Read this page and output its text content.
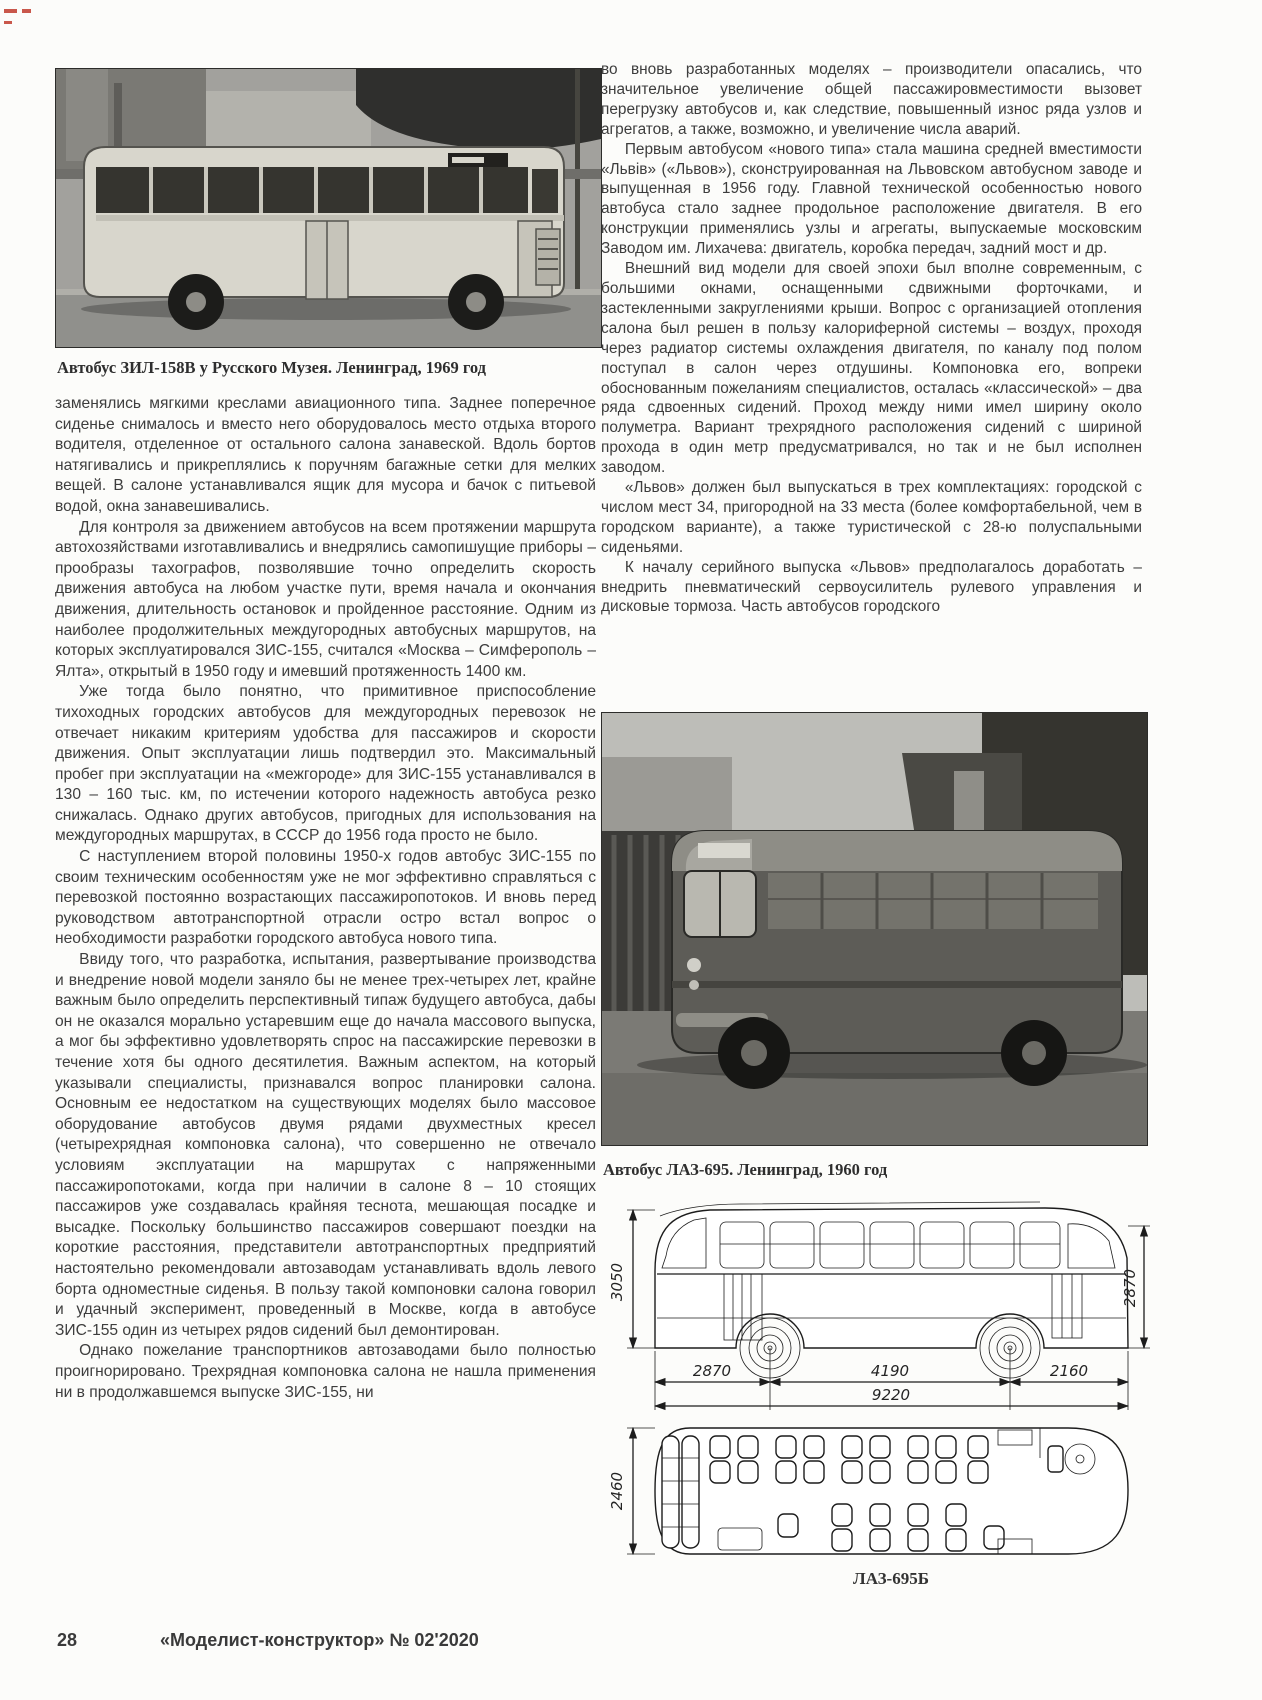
Автобус ЗИЛ-158В у Русского Музея. Ленинград, 1969 год

заменялись мягкими креслами авиационного типа. Заднее поперечное сиденье снималось и вместо него оборудовалось место отдыха второго водителя, отделенное от остального салона занавеской. Вдоль бортов натягивались и прикреплялись к поручням багажные сетки для мелких вещей. В салоне устанавливался ящик для мусора и бачок с питьевой водой, окна занавешивались.

Для контроля за движением автобусов на всем протяжении маршрута автохозяйствами изготавливались и внедрялись самопишущие приборы – прообразы тахографов, позволявшие точно определить скорость движения автобуса на любом участке пути, время начала и окончания движения, длительность остановок и пройденное расстояние. Одним из наиболее продолжительных междугородных автобусных маршрутов, на которых эксплуатировался ЗИС-155, считался «Москва – Симферополь – Ялта», открытый в 1950 году и имевший протяженность 1400 км.

Уже тогда было понятно, что примитивное приспособление тихоходных городских автобусов для междугородных перевозок не отвечает никаким критериям удобства для пассажиров и скорости движения. Опыт эксплуатации лишь подтвердил это. Максимальный пробег при эксплуатации на «межгороде» для ЗИС-155 устанавливался в 130 – 160 тыс. км, по истечении которого надежность автобуса резко снижалась. Однако других автобусов, пригодных для использования на междугородных маршрутах, в СССР до 1956 года просто не было.

С наступлением второй половины 1950-х годов автобус ЗИС-155 по своим техническим особенностям уже не мог эффективно справляться с перевозкой постоянно возрастающих пассажиропотоков. И вновь перед руководством автотранспортной отрасли остро встал вопрос о необходимости разработки городского автобуса нового типа.

Ввиду того, что разработка, испытания, развертывание производства и внедрение новой модели заняло бы не менее трех-четырех лет, крайне важным было определить перспективный типаж будущего автобуса, дабы он не оказался морально устаревшим еще до начала массового выпуска, а мог бы эффективно удовлетворять спрос на пассажирские перевозки в течение хотя бы одного десятилетия. Важным аспектом, на который указывали специалисты, признавался вопрос планировки салона. Основным ее недостатком на существующих моделях было массовое оборудование автобусов двумя рядами двухместных кресел (четырехрядная компоновка салона), что совершенно не отвечало условиям эксплуатации на маршрутах с напряженными пассажиропотоками, когда при наличии в салоне 8 – 10 стоящих пассажиров уже создавалась крайняя теснота, мешающая посадке и высадке. Поскольку большинство пассажиров совершают поездки на короткие расстояния, представители автотранспортных предприятий настоятельно рекомендовали автозаводам устанавливать вдоль левого борта одноместные сиденья. В пользу такой компоновки салона говорил и удачный эксперимент, проведенный в Москве, когда в автобусе ЗИС-155 один из четырех рядов сидений был демонтирован.

Однако пожелание транспортников автозаводами было полностью проигнорировано. Трехрядная компоновка салона не нашла применения ни в продолжавшемся выпуске ЗИС-155, ни

во вновь разработанных моделях – производители опасались, что значительное увеличение общей пассажировместимости вызовет перегрузку автобусов и, как следствие, повышенный износ ряда узлов и агрегатов, а также, возможно, и увеличение числа аварий.

Первым автобусом «нового типа» стала машина средней вместимости «Львів» («Львов»), сконструированная на Львовском автобусном заводе и выпущенная в 1956 году. Главной технической особенностью нового автобуса стало заднее продольное расположение двигателя. В его конструкции применялись узлы и агрегаты, выпускаемые московским Заводом им. Лихачева: двигатель, коробка передач, задний мост и др.

Внешний вид модели для своей эпохи был вполне современным, с большими окнами, оснащенными сдвижными форточками, и застекленными закруглениями крыши. Вопрос с организацией отопления салона был решен в пользу калориферной системы – воздух, проходя через радиатор системы охлаждения двигателя, по каналу под полом поступал в салон через отдушины. Компоновка его, вопреки обоснованным пожеланиям специалистов, осталась «классической» – два ряда сдвоенных сидений. Проход между ними имел ширину около полуметра. Вариант трехрядного расположения сидений с шириной прохода в один метр предусматривался, но так и не был исполнен заводом.

«Львов» должен был выпускаться в трех комплектациях: городской с числом мест 34, пригородной на 33 места (более комфортабельной, чем в городском варианте), а также туристической с 28-ю полуспальными сиденьями.

К началу серийного выпуска «Львов» предполагалось доработать – внедрить пневматический сервоусилитель рулевого управления и дисковые тормоза. Часть автобусов городского

Автобус ЛАЗ-695. Ленинград, 1960 год
2870	4190	2160
9220
3050	2870
2460
ЛАЗ-695Б
28	«Моделист-конструктор» № 02'2020
